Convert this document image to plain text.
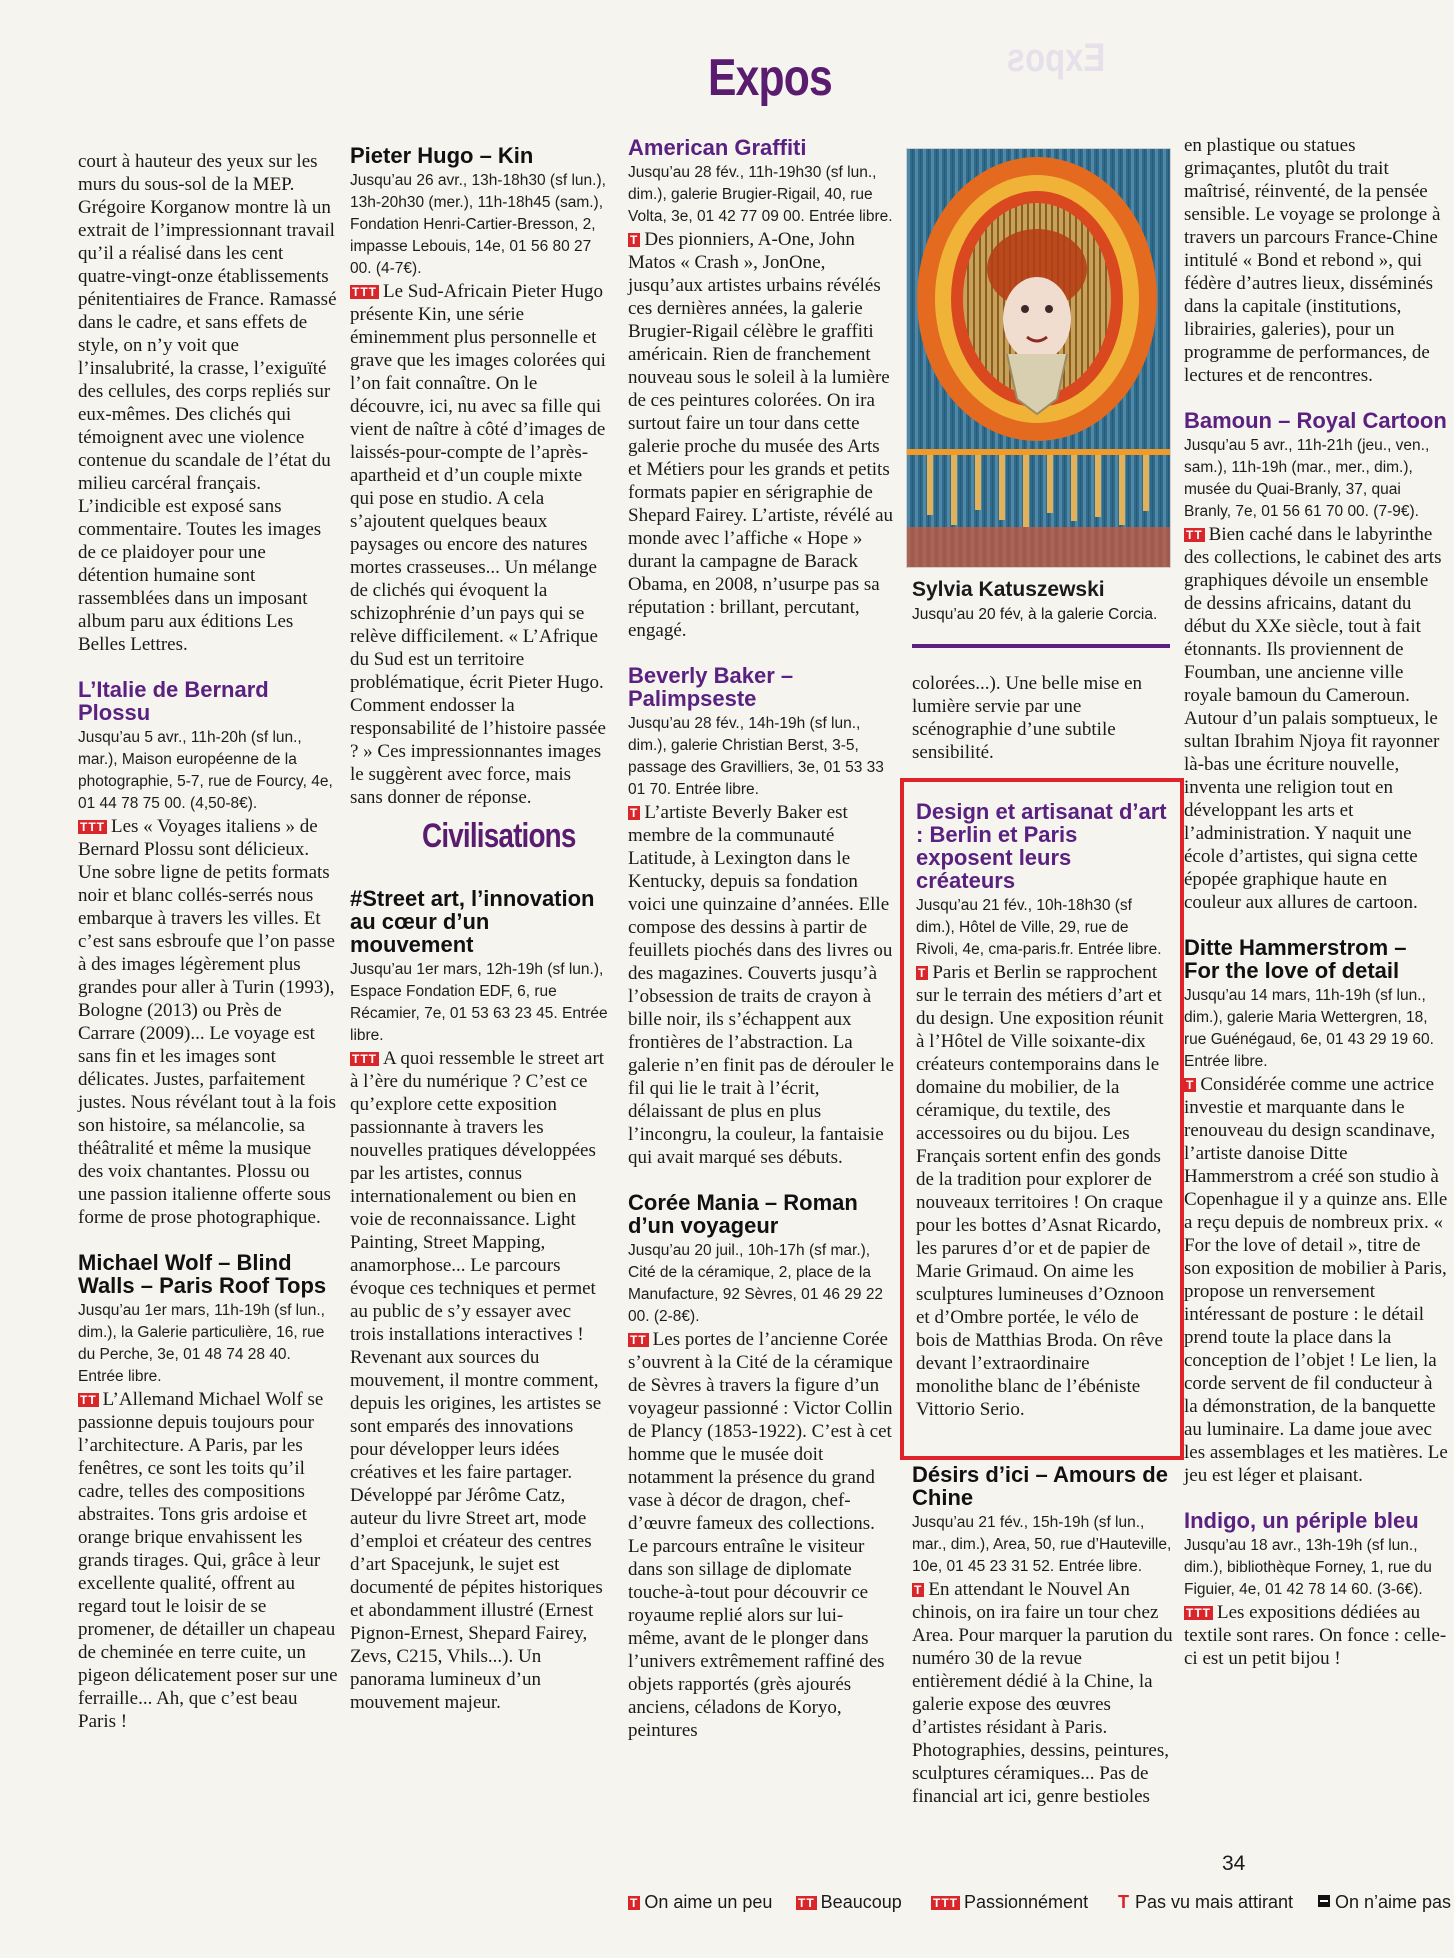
Expos
Expos

court à hauteur des yeux sur les murs du sous-sol de la MEP. Grégoire Korganow montre là un extrait de l’impressionnant travail qu’il a réalisé dans les cent quatre-vingt-onze établissements pénitentiaires de France. Ramassé dans le cadre, et sans effets de style, on n’y voit que l’insalubrité, la crasse, l’exiguïté des cellules, des corps repliés sur eux-mêmes. Des clichés qui témoignent avec une violence contenue du scandale de l’état du milieu carcéral français. L’indicible est exposé sans commentaire. Toutes les images de ce plaidoyer pour une détention humaine sont rassemblées dans un imposant album paru aux éditions Les Belles Lettres.

L’Italie de Bernard Plossu

Jusqu’au 5 avr., 11h-20h (sf lun., mar.), Maison européenne de la photographie, 5-7, rue de Fourcy, 4e, 01 44 78 75 00. (4,50-8€).

TTT Les « Voyages italiens » de Bernard Plossu sont délicieux. Une sobre ligne de petits formats noir et blanc collés-serrés nous embarque à travers les villes. Et c’est sans esbroufe que l’on passe à des images légèrement plus grandes pour aller à Turin (1993), Bologne (2013) ou Près de Carrare (2009)... Le voyage est sans fin et les images sont délicates. Justes, parfaitement justes. Nous révélant tout à la fois son histoire, sa mélancolie, sa théâtralité et même la musique des voix chantantes. Plossu ou une passion italienne offerte sous forme de prose photographique.

Michael Wolf – Blind Walls – Paris Roof Tops

Jusqu’au 1er mars, 11h-19h (sf lun., dim.), la Galerie particulière, 16, rue du Perche, 3e, 01 48 74 28 40. Entrée libre.

TT L’Allemand Michael Wolf se passionne depuis toujours pour l’architecture. A Paris, par les fenêtres, ce sont les toits qu’il cadre, telles des compositions abstraites. Tons gris ardoise et orange brique envahissent les grands tirages. Qui, grâce à leur excellente qualité, offrent au regard tout le loisir de se promener, de détailler un chapeau de cheminée en terre cuite, un pigeon délicatement poser sur une ferraille... Ah, que c’est beau Paris !

Pieter Hugo – Kin

Jusqu’au 26 avr., 13h-18h30 (sf lun.), 13h-20h30 (mer.), 11h-18h45 (sam.), Fondation Henri-Cartier-Bresson, 2, impasse Lebouis, 14e, 01 56 80 27 00. (4-7€).

TTT Le Sud-Africain Pieter Hugo présente Kin, une série éminemment plus personnelle et grave que les images colorées qui l’on fait connaître. On le découvre, ici, nu avec sa fille qui vient de naître à côté d’images de laissés-pour-compte de l’après-apartheid et d’un couple mixte qui pose en studio. A cela s’ajoutent quelques beaux paysages ou encore des natures mortes crasseuses... Un mélange de clichés qui évoquent la schizophrénie d’un pays qui se relève difficilement. « L’Afrique du Sud est un territoire problématique, écrit Pieter Hugo. Comment endosser la responsabilité de l’histoire passée ? » Ces impressionnantes images le suggèrent avec force, mais sans donner de réponse.

Civilisations
#Street art, l’innovation au cœur d’un mouvement

Jusqu’au 1er mars, 12h-19h (sf lun.), Espace Fondation EDF, 6, rue Récamier, 7e, 01 53 63 23 45. Entrée libre.

TTT A quoi ressemble le street art à l’ère du numérique ? C’est ce qu’explore cette exposition passionnante à travers les nouvelles pratiques développées par les artistes, connus internationalement ou bien en voie de reconnaissance. Light Painting, Street Mapping, anamorphose... Le parcours évoque ces techniques et permet au public de s’y essayer avec trois installations interactives ! Revenant aux sources du mouvement, il montre comment, depuis les origines, les artistes se sont emparés des innovations pour développer leurs idées créatives et les faire partager. Développé par Jérôme Catz, auteur du livre Street art, mode d’emploi et créateur des centres d’art Spacejunk, le sujet est documenté de pépites historiques et abondamment illustré (Ernest Pignon-Ernest, Shepard Fairey, Zevs, C215, Vhils...). Un panorama lumineux d’un mouvement majeur.

American Graffiti

Jusqu’au 28 fév., 11h-19h30 (sf lun., dim.), galerie Brugier-Rigail, 40, rue Volta, 3e, 01 42 77 09 00. Entrée libre.

T Des pionniers, A-One, John Matos « Crash », JonOne, jusqu’aux artistes urbains révélés ces dernières années, la galerie Brugier-Rigail célèbre le graffiti américain. Rien de franchement nouveau sous le soleil à la lumière de ces peintures colorées. On ira surtout faire un tour dans cette galerie proche du musée des Arts et Métiers pour les grands et petits formats papier en sérigraphie de Shepard Fairey. L’artiste, révélé au monde avec l’affiche « Hope » durant la campagne de Barack Obama, en 2008, n’usurpe pas sa réputation : brillant, percutant, engagé.

Beverly Baker – Palimpseste

Jusqu’au 28 fév., 14h-19h (sf lun., dim.), galerie Christian Berst, 3-5, passage des Gravilliers, 3e, 01 53 33 01 70. Entrée libre.

T L’artiste Beverly Baker est membre de la communauté Latitude, à Lexington dans le Kentucky, depuis sa fondation voici une quinzaine d’années. Elle compose des dessins à partir de feuillets piochés dans des livres ou des magazines. Couverts jusqu’à l’obsession de traits de crayon à bille noir, ils s’échappent aux frontières de l’abstraction. La galerie n’en finit pas de dérouler le fil qui lie le trait à l’écrit, délaissant de plus en plus l’incongru, la couleur, la fantaisie qui avait marqué ses débuts.

Corée Mania – Roman d’un voyageur

Jusqu’au 20 juil., 10h-17h (sf mar.), Cité de la céramique, 2, place de la Manufacture, 92 Sèvres, 01 46 29 22 00. (2-8€).

TT Les portes de l’ancienne Corée s’ouvrent à la Cité de la céramique de Sèvres à travers la figure d’un voyageur passionné : Victor Collin de Plancy (1853-1922). C’est à cet homme que le musée doit notamment la présence du grand vase à décor de dragon, chef-d’œuvre fameux des collections. Le parcours entraîne le visiteur dans son sillage de diplomate touche-à-tout pour découvrir ce royaume replié alors sur lui-même, avant de le plonger dans l’univers extrêmement raffiné des objets rapportés (grès ajourés anciens, céladons de Koryo, peintures

Sylvia Katuszewski
Jusqu’au 20 fév, à la galerie Corcia.

colorées...). Une belle mise en lumière servie par une scénographie d’une subtile sensibilité.

Design et artisanat d’art : Berlin et Paris exposent leurs créateurs

Jusqu’au 21 fév., 10h-18h30 (sf dim.), Hôtel de Ville, 29, rue de Rivoli, 4e, cma-paris.fr. Entrée libre.

T Paris et Berlin se rapprochent sur le terrain des métiers d’art et du design. Une exposition réunit à l’Hôtel de Ville soixante-dix créateurs contemporains dans le domaine du mobilier, de la céramique, du textile, des accessoires ou du bijou. Les Français sortent enfin des gonds de la tradition pour explorer de nouveaux territoires ! On craque pour les bottes d’Asnat Ricardo, les parures d’or et de papier de Marie Grimaud. On aime les sculptures lumineuses d’Oznoon et d’Ombre portée, le vélo de bois de Matthias Broda. On rêve devant l’extraordinaire monolithe blanc de l’ébéniste Vittorio Serio.

Désirs d’ici – Amours de Chine

Jusqu’au 21 fév., 15h-19h (sf lun., mar., dim.), Area, 50, rue d’Hauteville, 10e, 01 45 23 31 52. Entrée libre.

T En attendant le Nouvel An chinois, on ira faire un tour chez Area. Pour marquer la parution du numéro 30 de la revue entièrement dédié à la Chine, la galerie expose des œuvres d’artistes résidant à Paris. Photographies, dessins, peintures, sculptures céramiques... Pas de financial art ici, genre bestioles

en plastique ou statues grimaçantes, plutôt du trait maîtrisé, réinventé, de la pensée sensible. Le voyage se prolonge à travers un parcours France-Chine intitulé « Bond et rebond », qui fédère d’autres lieux, disséminés dans la capitale (institutions, librairies, galeries), pour un programme de performances, de lectures et de rencontres.

Bamoun – Royal Cartoon

Jusqu’au 5 avr., 11h-21h (jeu., ven., sam.), 11h-19h (mar., mer., dim.), musée du Quai-Branly, 37, quai Branly, 7e, 01 56 61 70 00. (7-9€).

TT Bien caché dans le labyrinthe des collections, le cabinet des arts graphiques dévoile un ensemble de dessins africains, datant du début du XXe siècle, tout à fait étonnants. Ils proviennent de Foumban, une ancienne ville royale bamoun du Cameroun. Autour d’un palais somptueux, le sultan Ibrahim Njoya fit rayonner là-bas une écriture nouvelle, inventa une religion tout en développant les arts et l’administration. Y naquit une école d’artistes, qui signa cette épopée graphique haute en couleur aux allures de cartoon.

Ditte Hammerstrom – For the love of detail

Jusqu’au 14 mars, 11h-19h (sf lun., dim.), galerie Maria Wettergren, 18, rue Guénégaud, 6e, 01 43 29 19 60. Entrée libre.

T Considérée comme une actrice investie et marquante dans le renouveau du design scandinave, l’artiste danoise Ditte Hammerstrom a créé son studio à Copenhague il y a quinze ans. Elle a reçu depuis de nombreux prix. « For the love of detail », titre de son exposition de mobilier à Paris, propose un renversement intéressant de posture : le détail prend toute la place dans la conception de l’objet ! Le lien, la corde servent de fil conducteur à la démonstration, de la banquette au luminaire. La dame joue avec les assemblages et les matières. Le jeu est léger et plaisant.

Indigo, un périple bleu

Jusqu’au 18 avr., 13h-19h (sf lun., dim.), bibliothèque Forney, 1, rue du Figuier, 4e, 01 42 78 14 60. (3-6€).

TTT Les expositions dédiées au textile sont rares. On fonce : celle-ci est un petit bijou !

34
T On aime un peu TT Beaucoup	TTT Passionnément T Pas vu mais attirant	On n’aime pas
